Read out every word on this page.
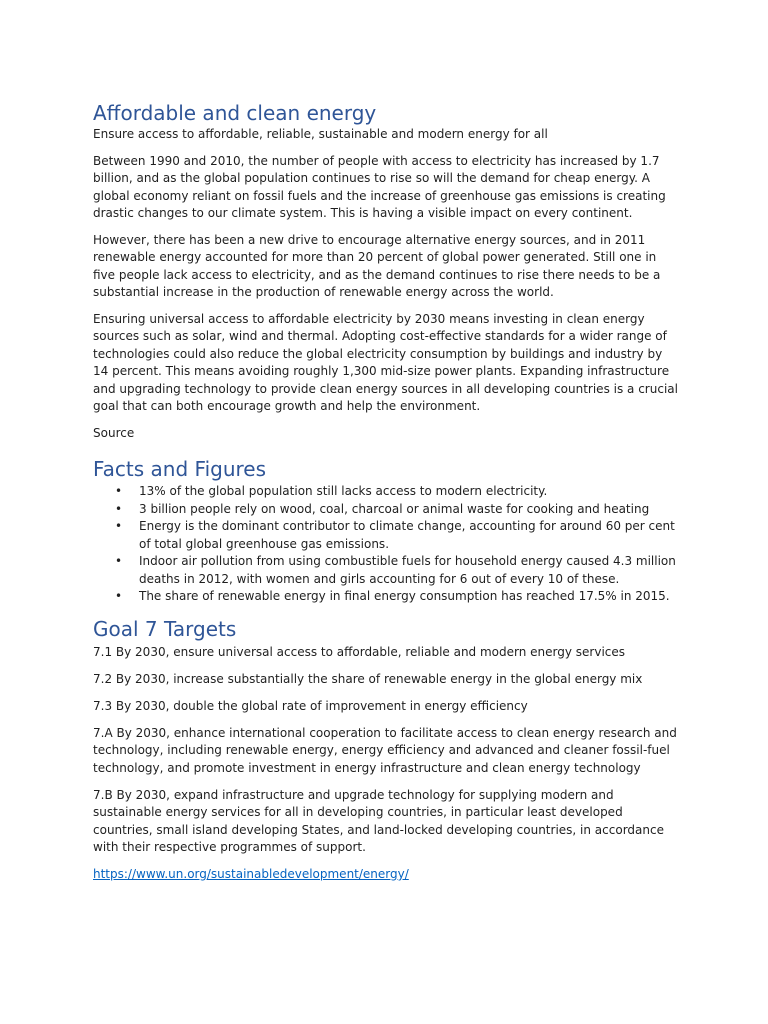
Affordable and clean energy

Ensure access to affordable, reliable, sustainable and modern energy for all

Between 1990 and 2010, the number of people with access to electricity has increased by 1.7 billion, and as the global population continues to rise so will the demand for cheap energy. A global economy reliant on fossil fuels and the increase of greenhouse gas emissions is creating drastic changes to our climate system. This is having a visible impact on every continent.

However, there has been a new drive to encourage alternative energy sources, and in 2011 renewable energy accounted for more than 20 percent of global power generated. Still one in five people lack access to electricity, and as the demand continues to rise there needs to be a substantial increase in the production of renewable energy across the world.

Ensuring universal access to affordable electricity by 2030 means investing in clean energy sources such as solar, wind and thermal. Adopting cost-effective standards for a wider range of technologies could also reduce the global electricity consumption by buildings and industry by 14 percent. This means avoiding roughly 1,300 mid-size power plants. Expanding infrastructure and upgrading technology to provide clean energy sources in all developing countries is a crucial goal that can both encourage growth and help the environment.

Source

Facts and Figures
• 13% of the global population still lacks access to modern electricity.
• 3 billion people rely on wood, coal, charcoal or animal waste for cooking and heating
• Energy is the dominant contributor to climate change, accounting for around 60 per cent of total global greenhouse gas emissions.
• Indoor air pollution from using combustible fuels for household energy caused 4.3 million deaths in 2012, with women and girls accounting for 6 out of every 10 of these.
• The share of renewable energy in final energy consumption has reached 17.5% in 2015.
Goal 7 Targets

7.1 By 2030, ensure universal access to affordable, reliable and modern energy services

7.2 By 2030, increase substantially the share of renewable energy in the global energy mix

7.3 By 2030, double the global rate of improvement in energy efficiency

7.A By 2030, enhance international cooperation to facilitate access to clean energy research and technology, including renewable energy, energy efficiency and advanced and cleaner fossil-fuel technology, and promote investment in energy infrastructure and clean energy technology

7.B By 2030, expand infrastructure and upgrade technology for supplying modern and sustainable energy services for all in developing countries, in particular least developed countries, small island developing States, and land-locked developing countries, in accordance with their respective programmes of support.

https://www.un.org/sustainabledevelopment/energy/
